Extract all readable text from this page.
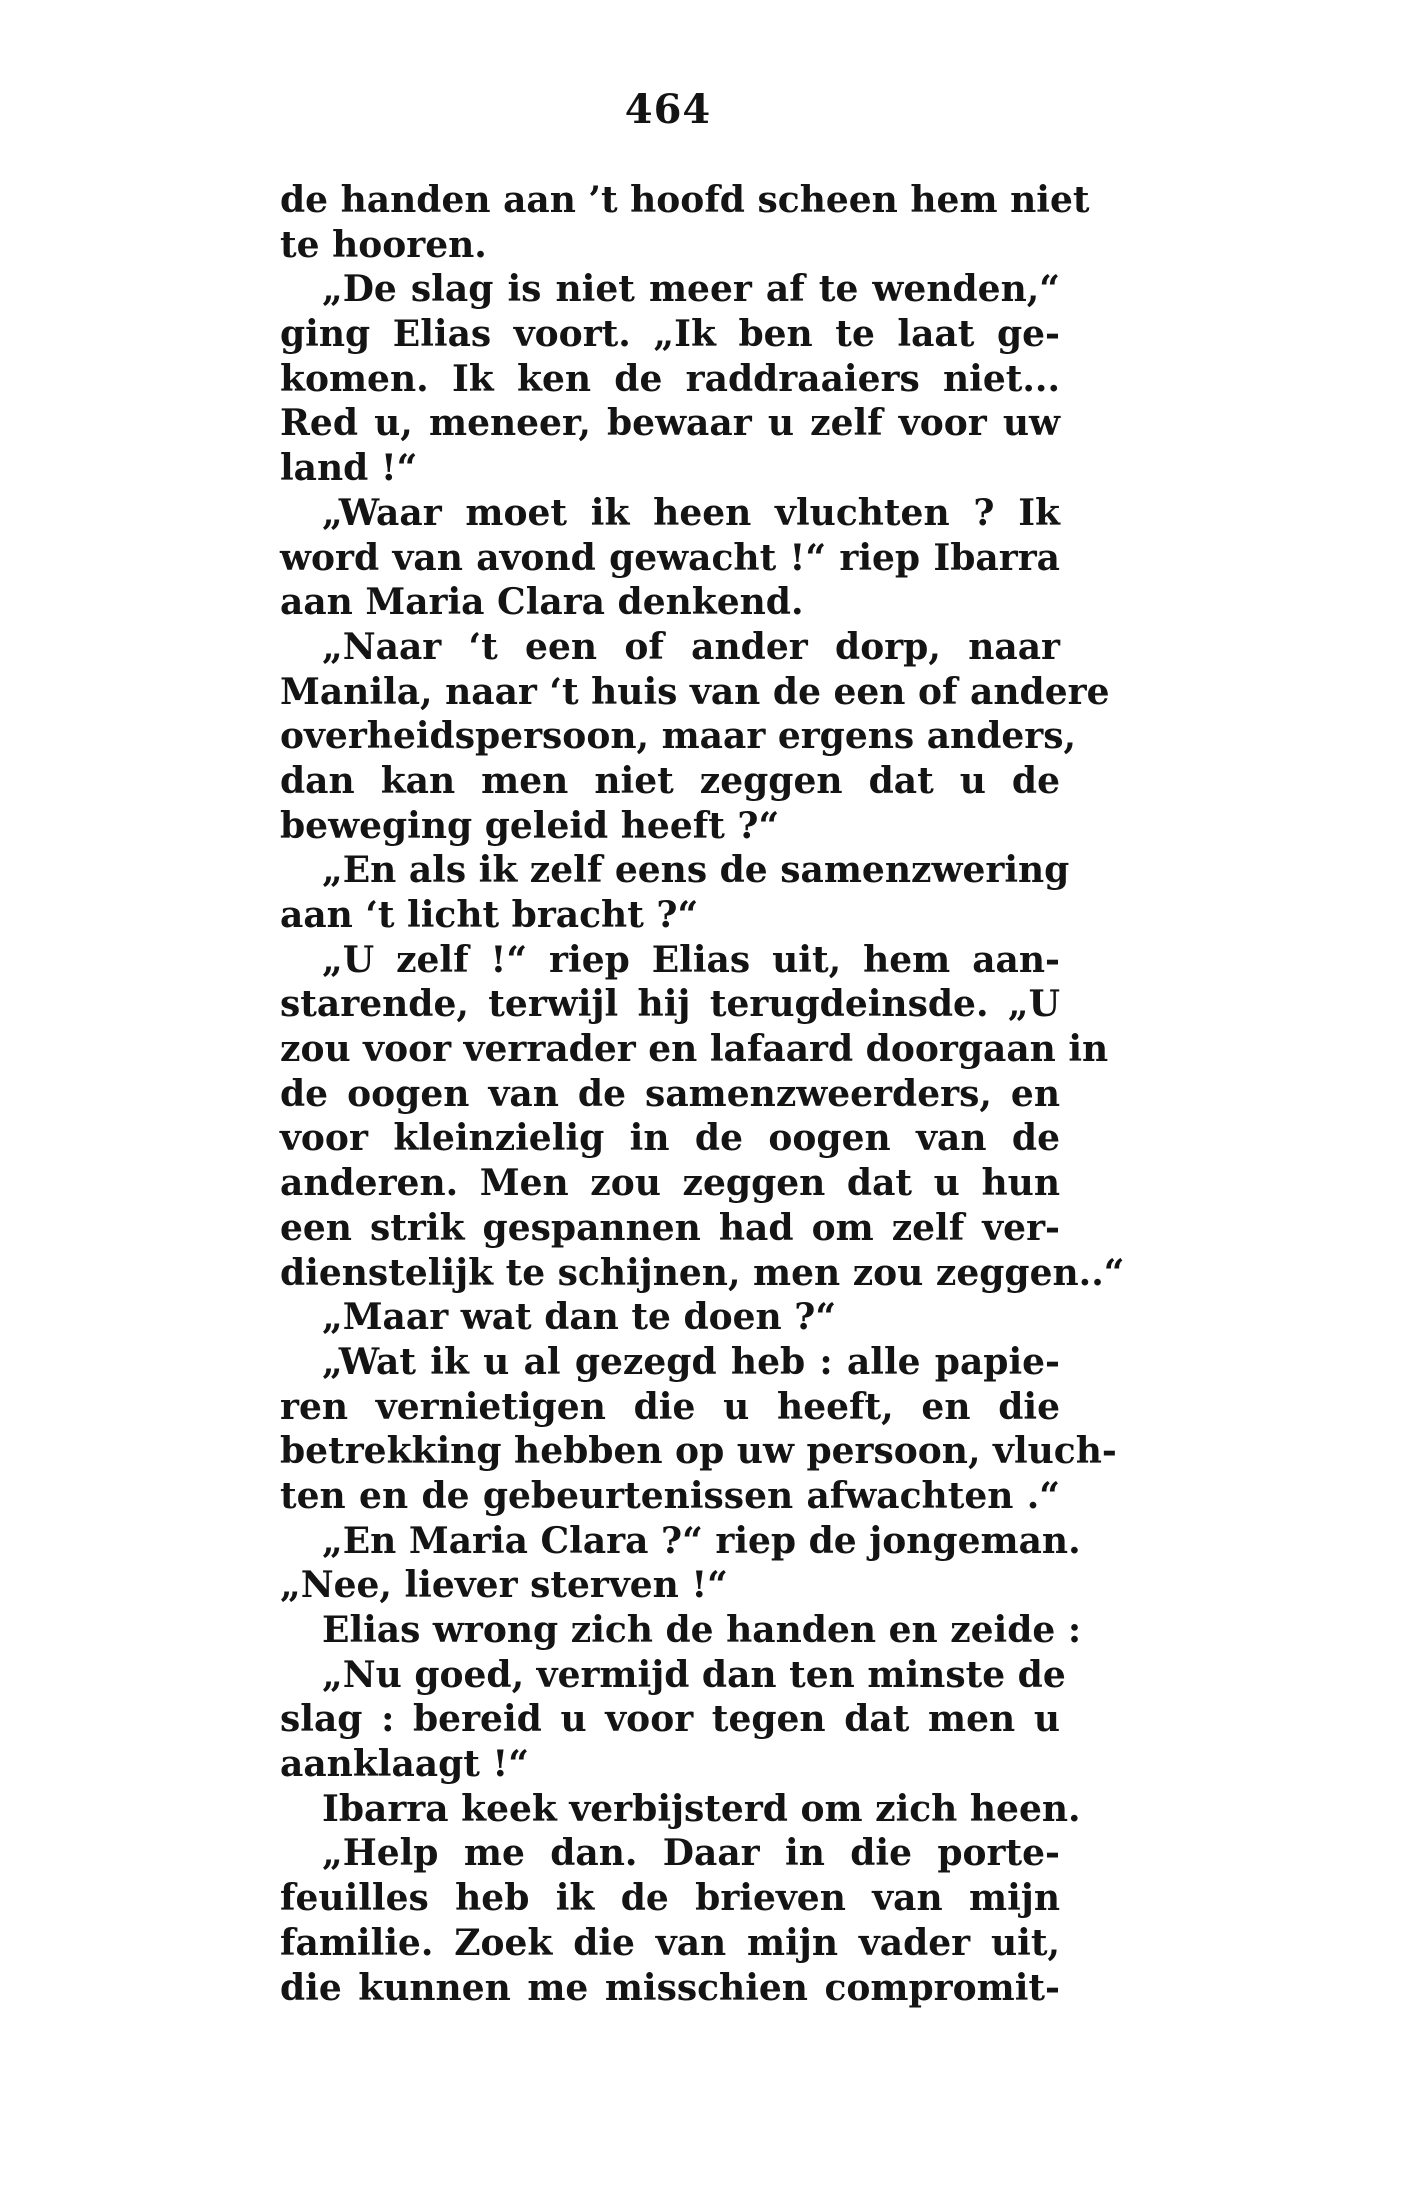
464
de handen aan ’t hoofd scheen hem niet
te hooren.
„De slag is niet meer af te wenden,“
ging Elias voort. „Ik ben te laat ge-
komen. Ik ken de raddraaiers niet...
Red u, meneer, bewaar u zelf voor uw
land !“
„Waar moet ik heen vluchten ? Ik
word van avond gewacht !“ riep Ibarra
aan Maria Clara denkend.
„Naar ‘t een of ander dorp, naar
Manila, naar ‘t huis van de een of andere
overheidspersoon, maar ergens anders,
dan kan men niet zeggen dat u de
beweging geleid heeft ?“
„En als ik zelf eens de samenzwering
aan ‘t licht bracht ?“
„U zelf !“ riep Elias uit, hem aan-
starende, terwijl hij terugdeinsde. „U
zou voor verrader en lafaard doorgaan in
de oogen van de samenzweerders, en
voor kleinzielig in de oogen van de
anderen. Men zou zeggen dat u hun
een strik gespannen had om zelf ver-
dienstelijk te schijnen, men zou zeggen..“
„Maar wat dan te doen ?“
„Wat ik u al gezegd heb : alle papie-
ren vernietigen die u heeft, en die
betrekking hebben op uw persoon, vluch-
ten en de gebeurtenissen afwachten .“
„En Maria Clara ?“ riep de jongeman.
„Nee, liever sterven !“
Elias wrong zich de handen en zeide :
„Nu goed, vermijd dan ten minste de
slag : bereid u voor tegen dat men u
aanklaagt !“
Ibarra keek verbijsterd om zich heen.
„Help me dan. Daar in die porte-
feuilles heb ik de brieven van mijn
familie. Zoek die van mijn vader uit,
die kunnen me misschien compromit-
